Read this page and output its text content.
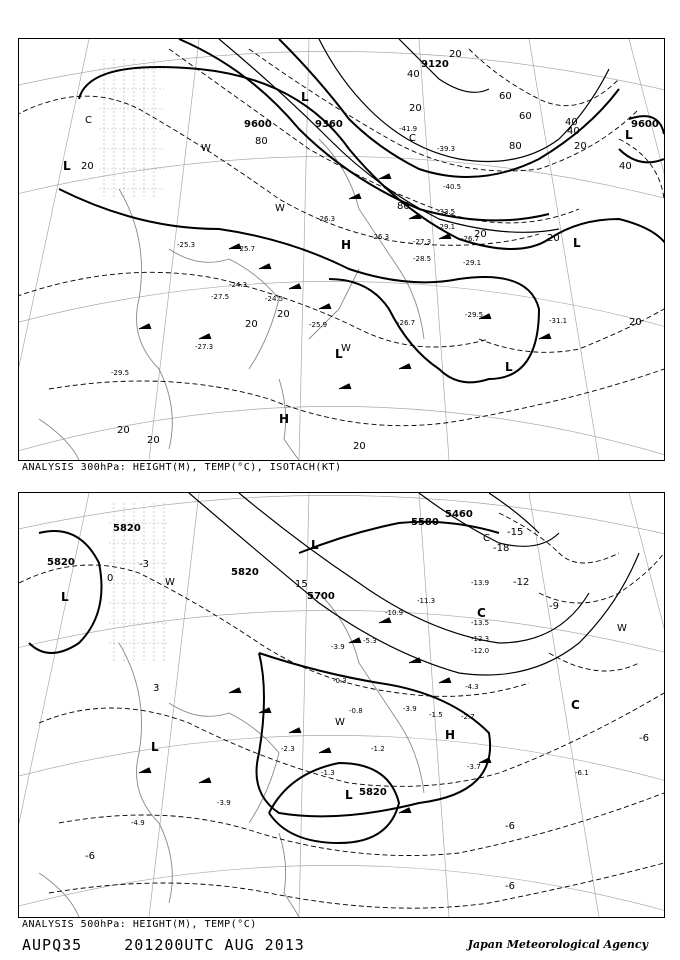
9600	9360
9120
9600
20
40
60
80
20
40
60
80	20
40
20
20
20
20
20
20
20
80
40
20
20
L
L
H
L
L
H
L
L
C
C
W
W
W
-39.3
-41.9
-40.5
-33.5
-29.1
-26.7
-26.3
-27.3
-28.5	-29.1
-29.5
-31.1
-25.3
-24.5
-26.3
-25.9
-27.5
-24.3
-26.7
-25.7
-27.3
-29.5
ANALYSIS 300hPa: HEIGHT(M), TEMP(°C), ISOTACH(KT)
5820
5820
5820
5700
5580
5460
5820
-3
0
3
15
-18
-15
-12
-9
-6
-6
-6
-6
L
L
L
C
C
H
W
W
W
L
C
-13.9
-11.3
-10.9
-13.5
-12.3
-12.0
-4.3
-2.7
-1.5
-3.9
-3.7
-6.1
-1.3
-2.3	-1.2
-4.9
-3.9
-5.3
-3.9
-0.8
-0.3
ANALYSIS 500hPa: HEIGHT(M), TEMP(°C)
AUPQ35	201200UTC AUG 2013	Japan Meteorological Agency
